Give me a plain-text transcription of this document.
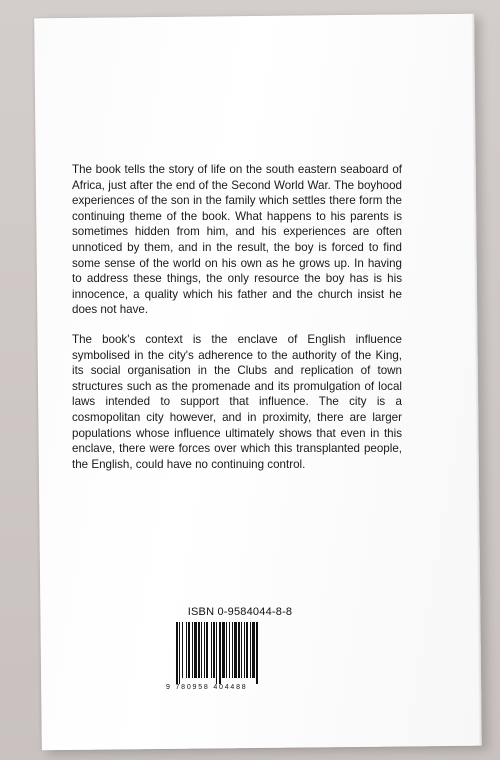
The book tells the story of life on the south eastern seaboard of Africa, just after the end of the Second World War. The boyhood experiences of the son in the family which settles there form the continuing theme of the book. What happens to his parents is sometimes hidden from him, and his experiences are often unnoticed by them, and in the result, the boy is forced to find some sense of the world on his own as he grows up. In having to address these things, the only resource the boy has is his innocence, a quality which his father and the church insist he does not have.

The book's context is the enclave of English influence symbolised in the city's adherence to the authority of the King, its social organisation in the Clubs and replication of town structures such as the promenade and its promulgation of local laws intended to support that influence. The city is a cosmopolitan city however, and in proximity, there are larger populations whose influence ultimately shows that even in this enclave, there were forces over which this transplanted people, the English, could have no continuing control.

ISBN 0-9584044-8-8
9 780958 404488
